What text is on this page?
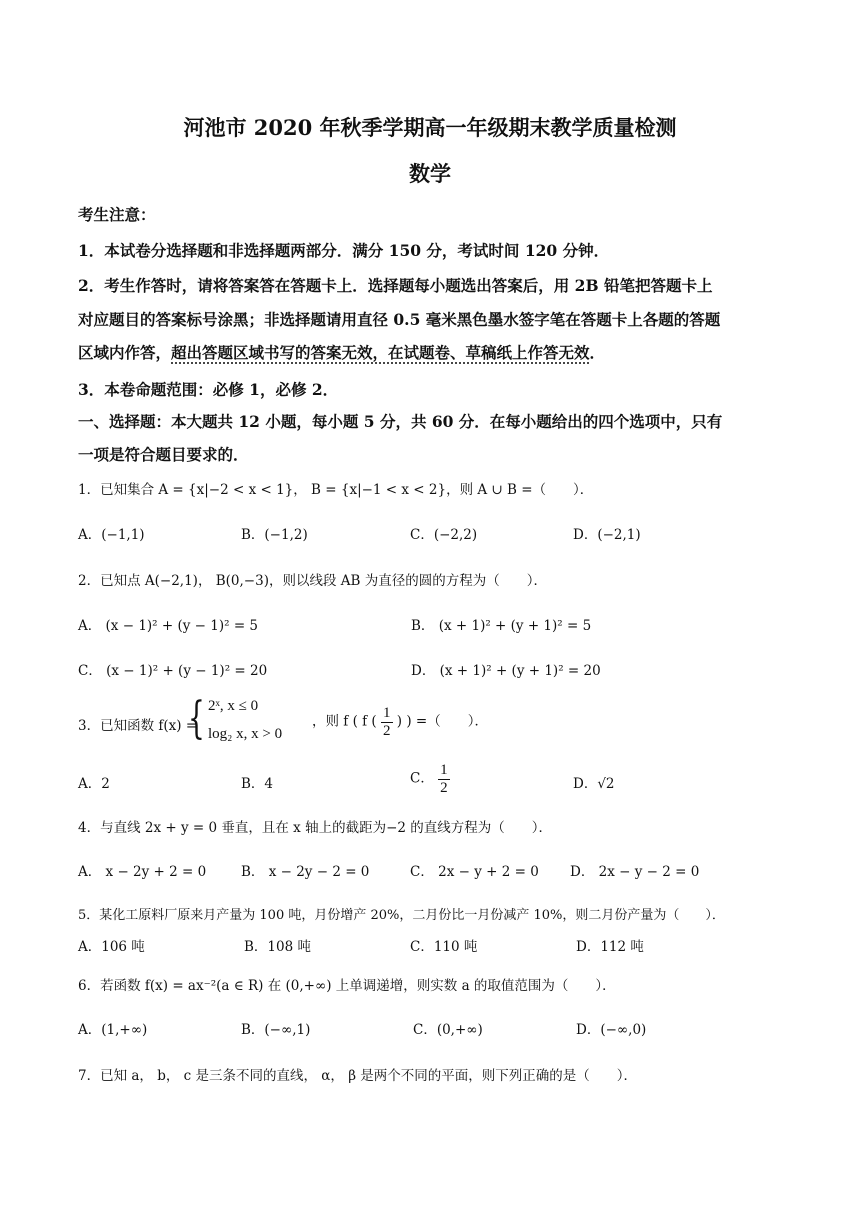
河池市 2020 年秋季学期高一年级期末教学质量检测
数学
考生注意：
1．本试卷分选择题和非选择题两部分．满分 150 分，考试时间 120 分钟．
2．考生作答时，请将答案答在答题卡上．选择题每小题选出答案后，用 2B 铅笔把答题卡上
对应题目的答案标号涂黑；非选择题请用直径 0.5 毫米黑色墨水签字笔在答题卡上各题的答题
区域内作答，超出答题区域书写的答案无效，在试题卷、草稿纸上作答无效．
3．本卷命题范围：必修 1，必修 2．
一、选择题：本大题共 12 小题，每小题 5 分，共 60 分．在每小题给出的四个选项中，只有
一项是符合题目要求的．
1．已知集合 A = {x|−2 < x < 1}， B = {x|−1 < x < 2}，则 A ∪ B =（　　）．
A．(−1,1)	B．(−1,2)	C．(−2,2)	D．(−2,1)
2．已知点 A(−2,1)， B(0,−3)，则以线段 AB 为直径的圆的方程为（　　）．
A． (x − 1)² + (y − 1)² = 5	B． (x + 1)² + (y + 1)² = 5
C． (x − 1)² + (y − 1)² = 20	D． (x + 1)² + (y + 1)² = 20
3．已知函数 f(x) =
{ 2ˣ, x ≤ 0
log₂ x, x > 0
，则 f ( f ( $\frac{1}{2}$ ) ) =（　　）．
A．2	B．4	C． $\frac{1}{2}$	D．√2
4．与直线 2x + y = 0 垂直，且在 x 轴上的截距为−2 的直线方程为（　　）．
A． x − 2y + 2 = 0	B． x − 2y − 2 = 0	C． 2x − y + 2 = 0 D． 2x − y − 2 = 0
5．某化工原料厂原来月产量为 100 吨，月份增产 20%，二月份比一月份减产 10%，则二月份产量为（　　）．
A．106 吨	B．108 吨	C．110 吨	D．112 吨
6．若函数 f(x) = ax⁻²(a ∈ R) 在 (0,+∞) 上单调递增，则实数 a 的取值范围为（　　）．
A．(1,+∞)	B．(−∞,1)	C．(0,+∞)	D．(−∞,0)
7．已知 a， b， c 是三条不同的直线， α， β 是两个不同的平面，则下列正确的是（　　）．
